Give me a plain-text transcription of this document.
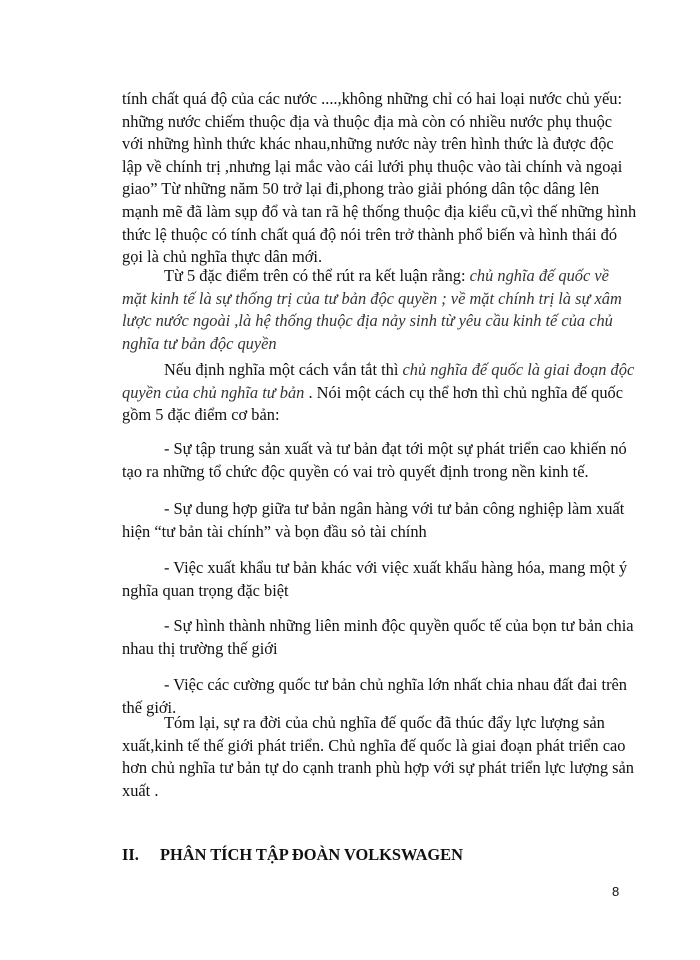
tính chất quá độ của các nước ....,không những chỉ có hai loại nước chủ yếu: những nước chiếm thuộc địa và thuộc địa mà còn có nhiều nước phụ thuộc với những hình thức khác nhau,những nước này trên hình thức là được độc lập về chính trị ,nhưng lại mắc vào cái lưới phụ thuộc vào tài chính và ngoại giao” Từ những năm 50 trở lại đi,phong trào giải phóng dân tộc dâng lên mạnh mẽ đã làm sụp đổ và tan rã hệ thống thuộc địa kiểu cũ,vì thế những hình thức lệ thuộc có tính chất quá độ nói trên trở thành phổ biến và hình thái đó gọi là chủ nghĩa thực dân mới.

Từ 5 đặc điểm trên có thể rút ra kết luận rằng: chủ nghĩa đế quốc về mặt kinh tế là sự thống trị của tư bản độc quyền ; về mặt chính trị là sự xâm lược nước ngoài ,là hệ thống thuộc địa nảy sinh từ yêu cầu kinh tế của chủ nghĩa tư bản độc quyền

Nếu định nghĩa một cách vắn tắt thì chủ nghĩa đế quốc là giai đoạn độc quyền của chủ nghĩa tư bản . Nói một cách cụ thể hơn thì chủ nghĩa đế quốc gồm 5 đặc điểm cơ bản:

- Sự tập trung sản xuất và tư bản đạt tới một sự phát triển cao khiến nó tạo ra những tổ chức độc quyền có vai trò quyết định trong nền kinh tế.

- Sự dung hợp giữa tư bản ngân hàng với tư bản công nghiệp làm xuất hiện “tư bản tài chính” và bọn đầu sỏ tài chính

- Việc xuất khẩu tư bản khác với việc xuất khẩu hàng hóa, mang một ý nghĩa quan trọng đặc biệt

- Sự hình thành những liên minh độc quyền quốc tế của bọn tư bản chia nhau thị trường thế giới

- Việc các cường quốc tư bản chủ nghĩa lớn nhất chia nhau đất đai trên thế giới.

Tóm lại, sự ra đời của chủ nghĩa đế quốc đã thúc đẩy lực lượng sản xuất,kinh tế thế giới phát triển. Chủ nghĩa đế quốc là giai đoạn phát triển cao hơn chủ nghĩa tư bản tự do cạnh tranh phù hợp với sự phát triển lực lượng sản xuất .

II. PHÂN TÍCH TẬP ĐOÀN VOLKSWAGEN
8
